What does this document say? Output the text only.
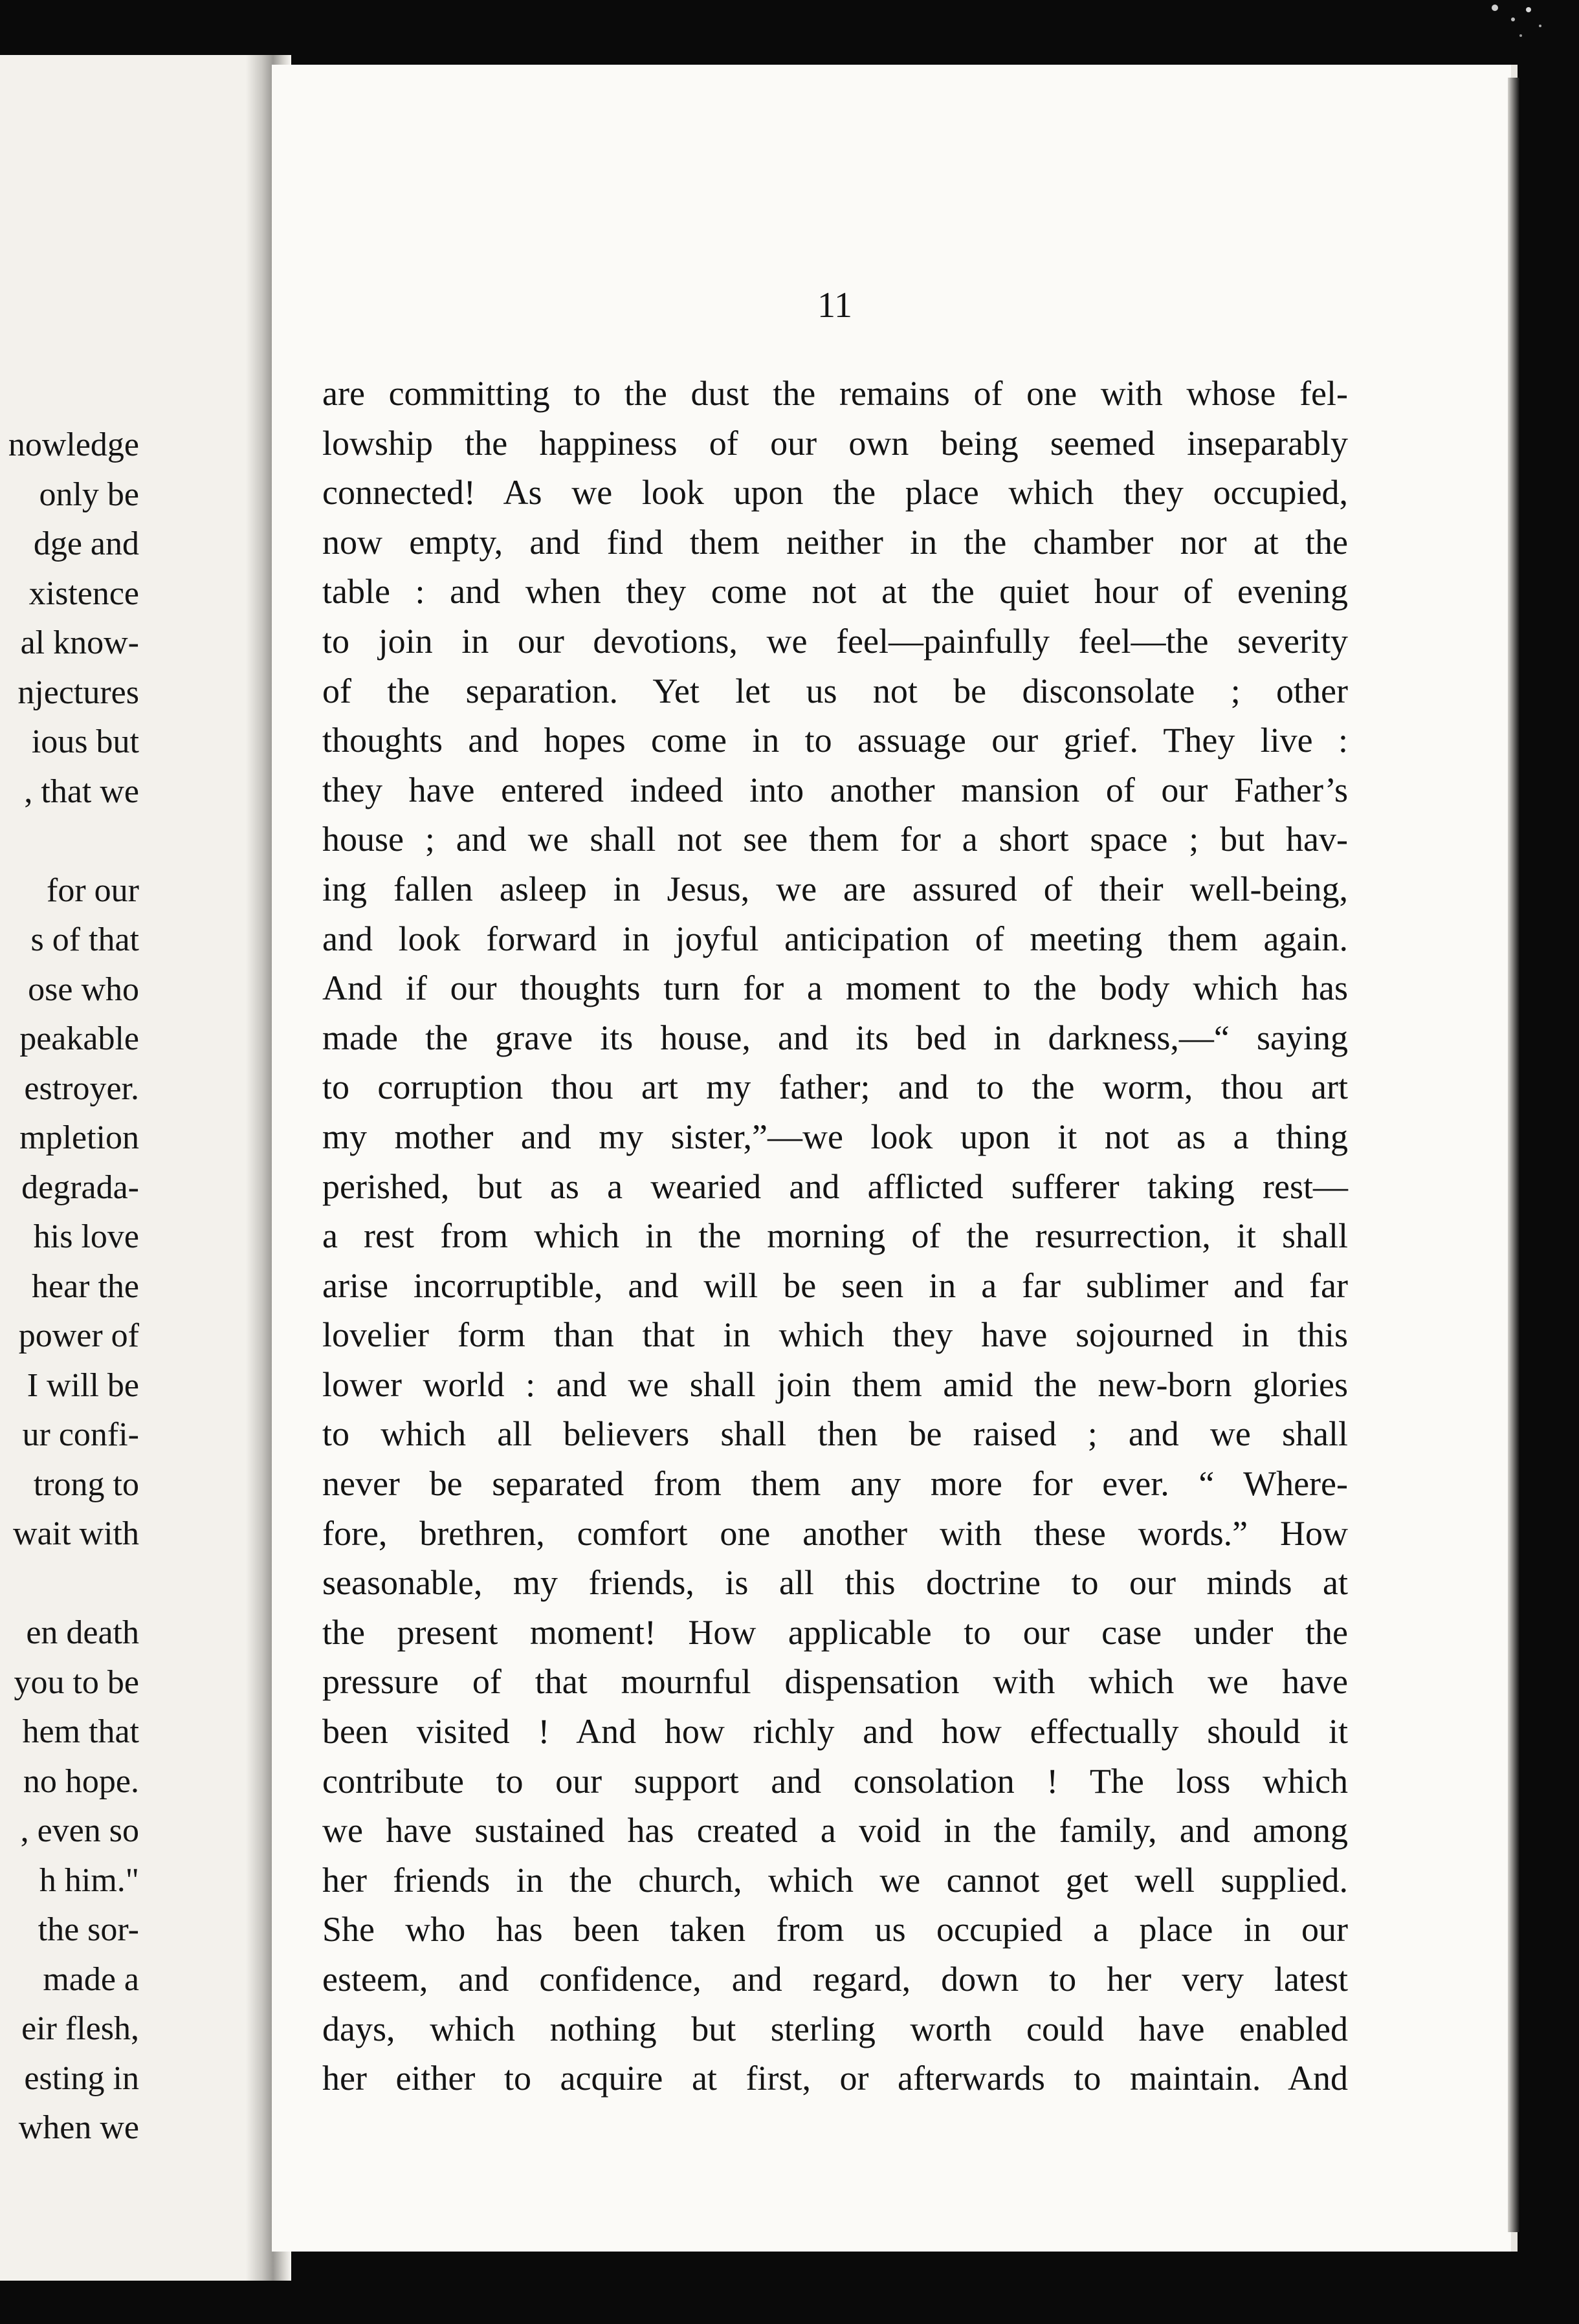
nowledge
only be
dge and
xistence
al know-
njectures
ious but
, that we
for our
s of that
ose who
peakable
estroyer.
mpletion
degrada-
his love
hear the
power of
I will be
ur confi-
trong to
wait with
en death
you to be
hem that
no hope.
, even so
h him."
the sor-
made a
eir flesh,
esting in
when we
11
are committing to the dust the remains of one with whose fel-
lowship the happiness of our own being seemed inseparably
connected! As we look upon the place which they occupied,
now empty, and find them neither in the chamber nor at the
table : and when they come not at the quiet hour of evening
to join in our devotions, we feel—painfully feel—the severity
of the separation. Yet let us not be disconsolate ; other
thoughts and hopes come in to assuage our grief. They live :
they have entered indeed into another mansion of our Father’s
house ; and we shall not see them for a short space ; but hav-
ing fallen asleep in Jesus, we are assured of their well-being,
and look forward in joyful anticipation of meeting them again.
And if our thoughts turn for a moment to the body which has
made the grave its house, and its bed in darkness,—“ saying
to corruption thou art my father; and to the worm, thou art
my mother and my sister,”—we look upon it not as a thing
perished, but as a wearied and afflicted sufferer taking rest—
a rest from which in the morning of the resurrection, it shall
arise incorruptible, and will be seen in a far sublimer and far
lovelier form than that in which they have sojourned in this
lower world : and we shall join them amid the new-born glories
to which all believers shall then be raised ; and we shall
never be separated from them any more for ever. “ Where-
fore, brethren, comfort one another with these words.” How
seasonable, my friends, is all this doctrine to our minds at
the present moment! How applicable to our case under the
pressure of that mournful dispensation with which we have
been visited ! And how richly and how effectually should it
contribute to our support and consolation ! The loss which
we have sustained has created a void in the family, and among
her friends in the church, which we cannot get well supplied.
She who has been taken from us occupied a place in our
esteem, and confidence, and regard, down to her very latest
days, which nothing but sterling worth could have enabled
her either to acquire at first, or afterwards to maintain. And
